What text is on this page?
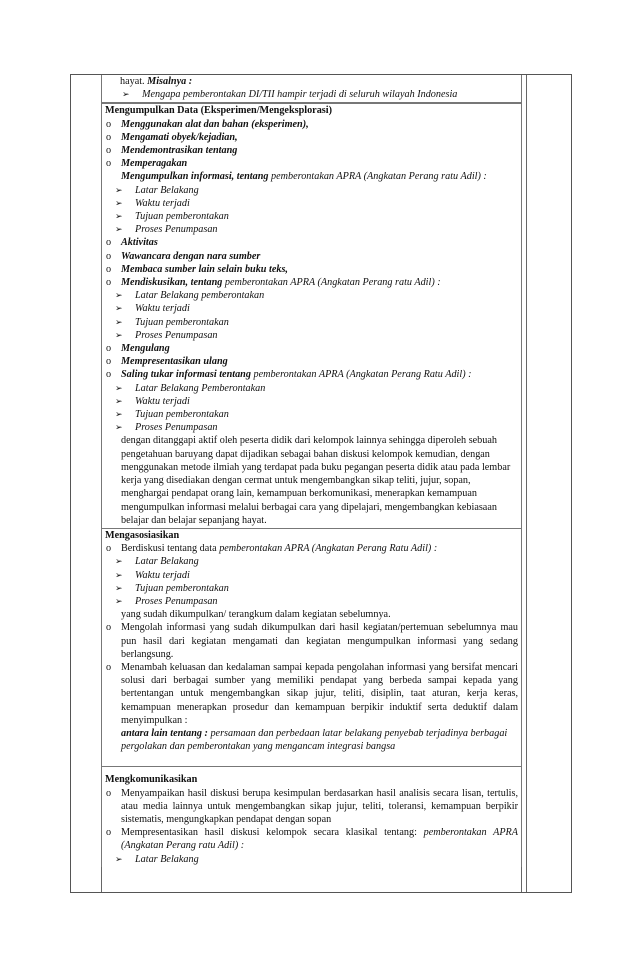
hayat. Misalnya :

➢ Mengapa pemberontakan DI/TII hampir terjadi di seluruh wilayah Indonesia

Mengumpulkan Data (Eksperimen/Mengeksplorasi)

o Menggunakan alat dan bahan (eksperimen),

o Mengamati obyek/kejadian,

o Mendemontrasikan tentang

o Memperagakan

Mengumpulkan informasi, tentang pemberontakan APRA (Angkatan Perang ratu Adil) :

➢ Latar Belakang

➢ Waktu terjadi

➢ Tujuan pemberontakan

➢ Proses Penumpasan

o Aktivitas

o Wawancara dengan nara sumber

o Membaca sumber lain selain buku teks,

o Mendiskusikan, tentang pemberontakan APRA (Angkatan Perang ratu Adil) :

➢ Latar Belakang pemberontakan

➢ Waktu terjadi

➢ Tujuan pemberontakan

➢ Proses Penumpasan

o Mengulang

o Mempresentasikan ulang

o Saling tukar informasi tentang pemberontakan APRA (Angkatan Perang Ratu Adil) :

➢ Latar Belakang Pemberontakan

➢ Waktu terjadi

➢ Tujuan pemberontakan

➢ Proses Penumpasan

dengan ditanggapi aktif oleh peserta didik dari kelompok lainnya sehingga diperoleh sebuah pengetahuan baruyang dapat dijadikan sebagai bahan diskusi kelompok kemudian, dengan menggunakan metode ilmiah yang terdapat pada buku pegangan peserta didik atau pada lembar kerja yang disediakan dengan cermat untuk mengembangkan sikap teliti, jujur, sopan, menghargai pendapat orang lain, kemampuan berkomunikasi, menerapkan kemampuan mengumpulkan informasi melalui berbagai cara yang dipelajari, mengembangkan kebiasaan belajar dan belajar sepanjang hayat.

Mengasosiasikan

o Berdiskusi tentang data pemberontakan APRA (Angkatan Perang Ratu Adil) :

➢ Latar Belakang

➢ Waktu terjadi

➢ Tujuan pemberontakan

➢ Proses Penumpasan

yang sudah dikumpulkan/ terangkum dalam kegiatan sebelumnya.

o Mengolah informasi yang sudah dikumpulkan dari hasil kegiatan/pertemuan sebelumnya mau pun hasil dari kegiatan mengamati dan kegiatan mengumpulkan informasi yang sedang berlangsung.

o Menambah keluasan dan kedalaman sampai kepada pengolahan informasi yang bersifat mencari solusi dari berbagai sumber yang memiliki pendapat yang berbeda sampai kepada yang bertentangan untuk mengembangkan sikap jujur, teliti, disiplin, taat aturan, kerja keras, kemampuan menerapkan prosedur dan kemampuan berpikir induktif serta deduktif dalam menyimpulkan :

antara lain tentang : persamaan dan perbedaan latar belakang penyebab terjadinya berbagai pergolakan dan pemberontakan yang mengancam integrasi bangsa

Mengkomunikasikan

o Menyampaikan hasil diskusi berupa kesimpulan berdasarkan hasil analisis secara lisan, tertulis, atau media lainnya untuk mengembangkan sikap jujur, teliti, toleransi, kemampuan berpikir sistematis, mengungkapkan pendapat dengan sopan

o Mempresentasikan hasil diskusi kelompok secara klasikal tentang: pemberontakan APRA (Angkatan Perang ratu Adil) :

➢ Latar Belakang
